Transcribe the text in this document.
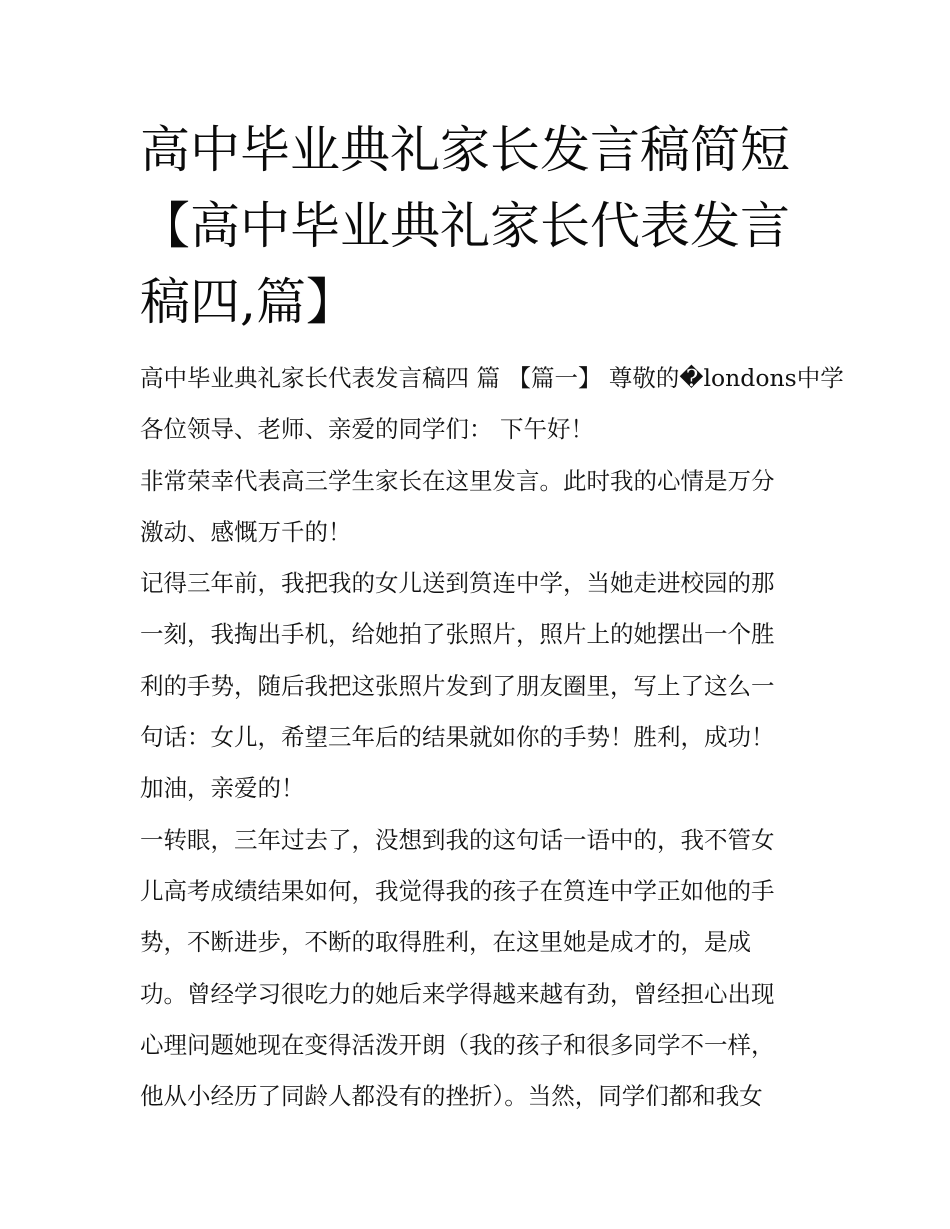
高中毕业典礼家长发言稿简短
【高中毕业典礼家长代表发言
稿四,篇】

高中毕业典礼家长代表发言稿四 篇 【篇一】 尊敬的�londons中学

各位领导、老师、亲爱的同学们： 下午好！

非常荣幸代表高三学生家长在这里发言。此时我的心情是万分

激动、感慨万千的！

记得三年前，我把我的女儿送到筼连中学，当她走进校园的那

一刻，我掏出手机，给她拍了张照片，照片上的她摆出一个胜

利的手势，随后我把这张照片发到了朋友圈里，写上了这么一

句话：女儿，希望三年后的结果就如你的手势！胜利，成功！

加油，亲爱的！

一转眼，三年过去了，没想到我的这句话一语中的，我不管女

儿高考成绩结果如何，我觉得我的孩子在筼连中学正如他的手

势，不断进步，不断的取得胜利，在这里她是成才的，是成

功。曾经学习很吃力的她后来学得越来越有劲，曾经担心出现

心理问题她现在变得活泼开朗（我的孩子和很多同学不一样，

他从小经历了同龄人都没有的挫折）。当然，同学们都和我女
